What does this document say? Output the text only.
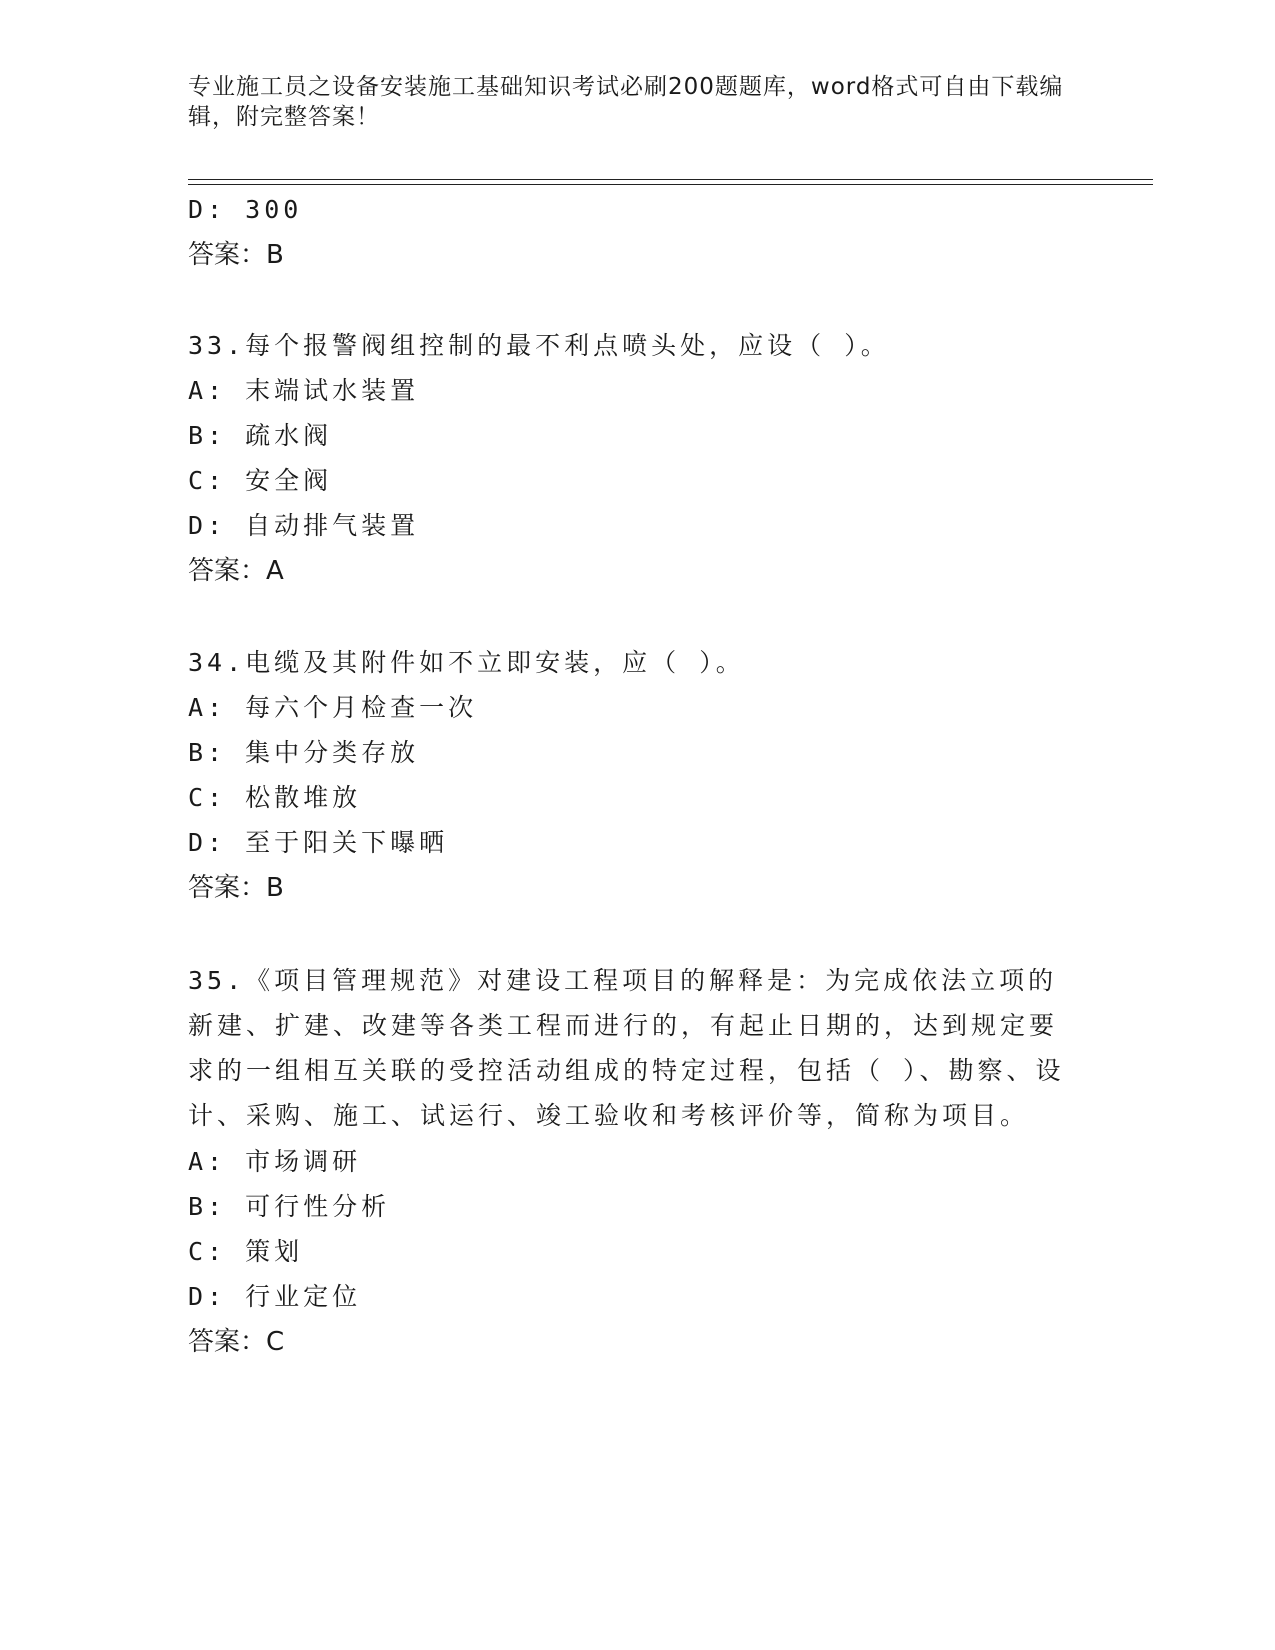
专业施工员之设备安装施工基础知识考试必刷200题题库，word格式可自由下载编辑，附完整答案！
D: 300
答案：B
33.每个报警阀组控制的最不利点喷头处，应设（ ）。
A: 末端试水装置
B: 疏水阀
C: 安全阀
D: 自动排气装置
答案：A
34.电缆及其附件如不立即安装，应（ ）。
A: 每六个月检查一次
B: 集中分类存放
C: 松散堆放
D: 至于阳关下曝晒
答案：B
35.《项目管理规范》对建设工程项目的解释是：为完成依法立项的新建、扩建、改建等各类工程而进行的，有起止日期的，达到规定要求的一组相互关联的受控活动组成的特定过程，包括（ ）、勘察、设计、采购、施工、试运行、竣工验收和考核评价等，简称为项目。
A: 市场调研
B: 可行性分析
C: 策划
D: 行业定位
答案：C
